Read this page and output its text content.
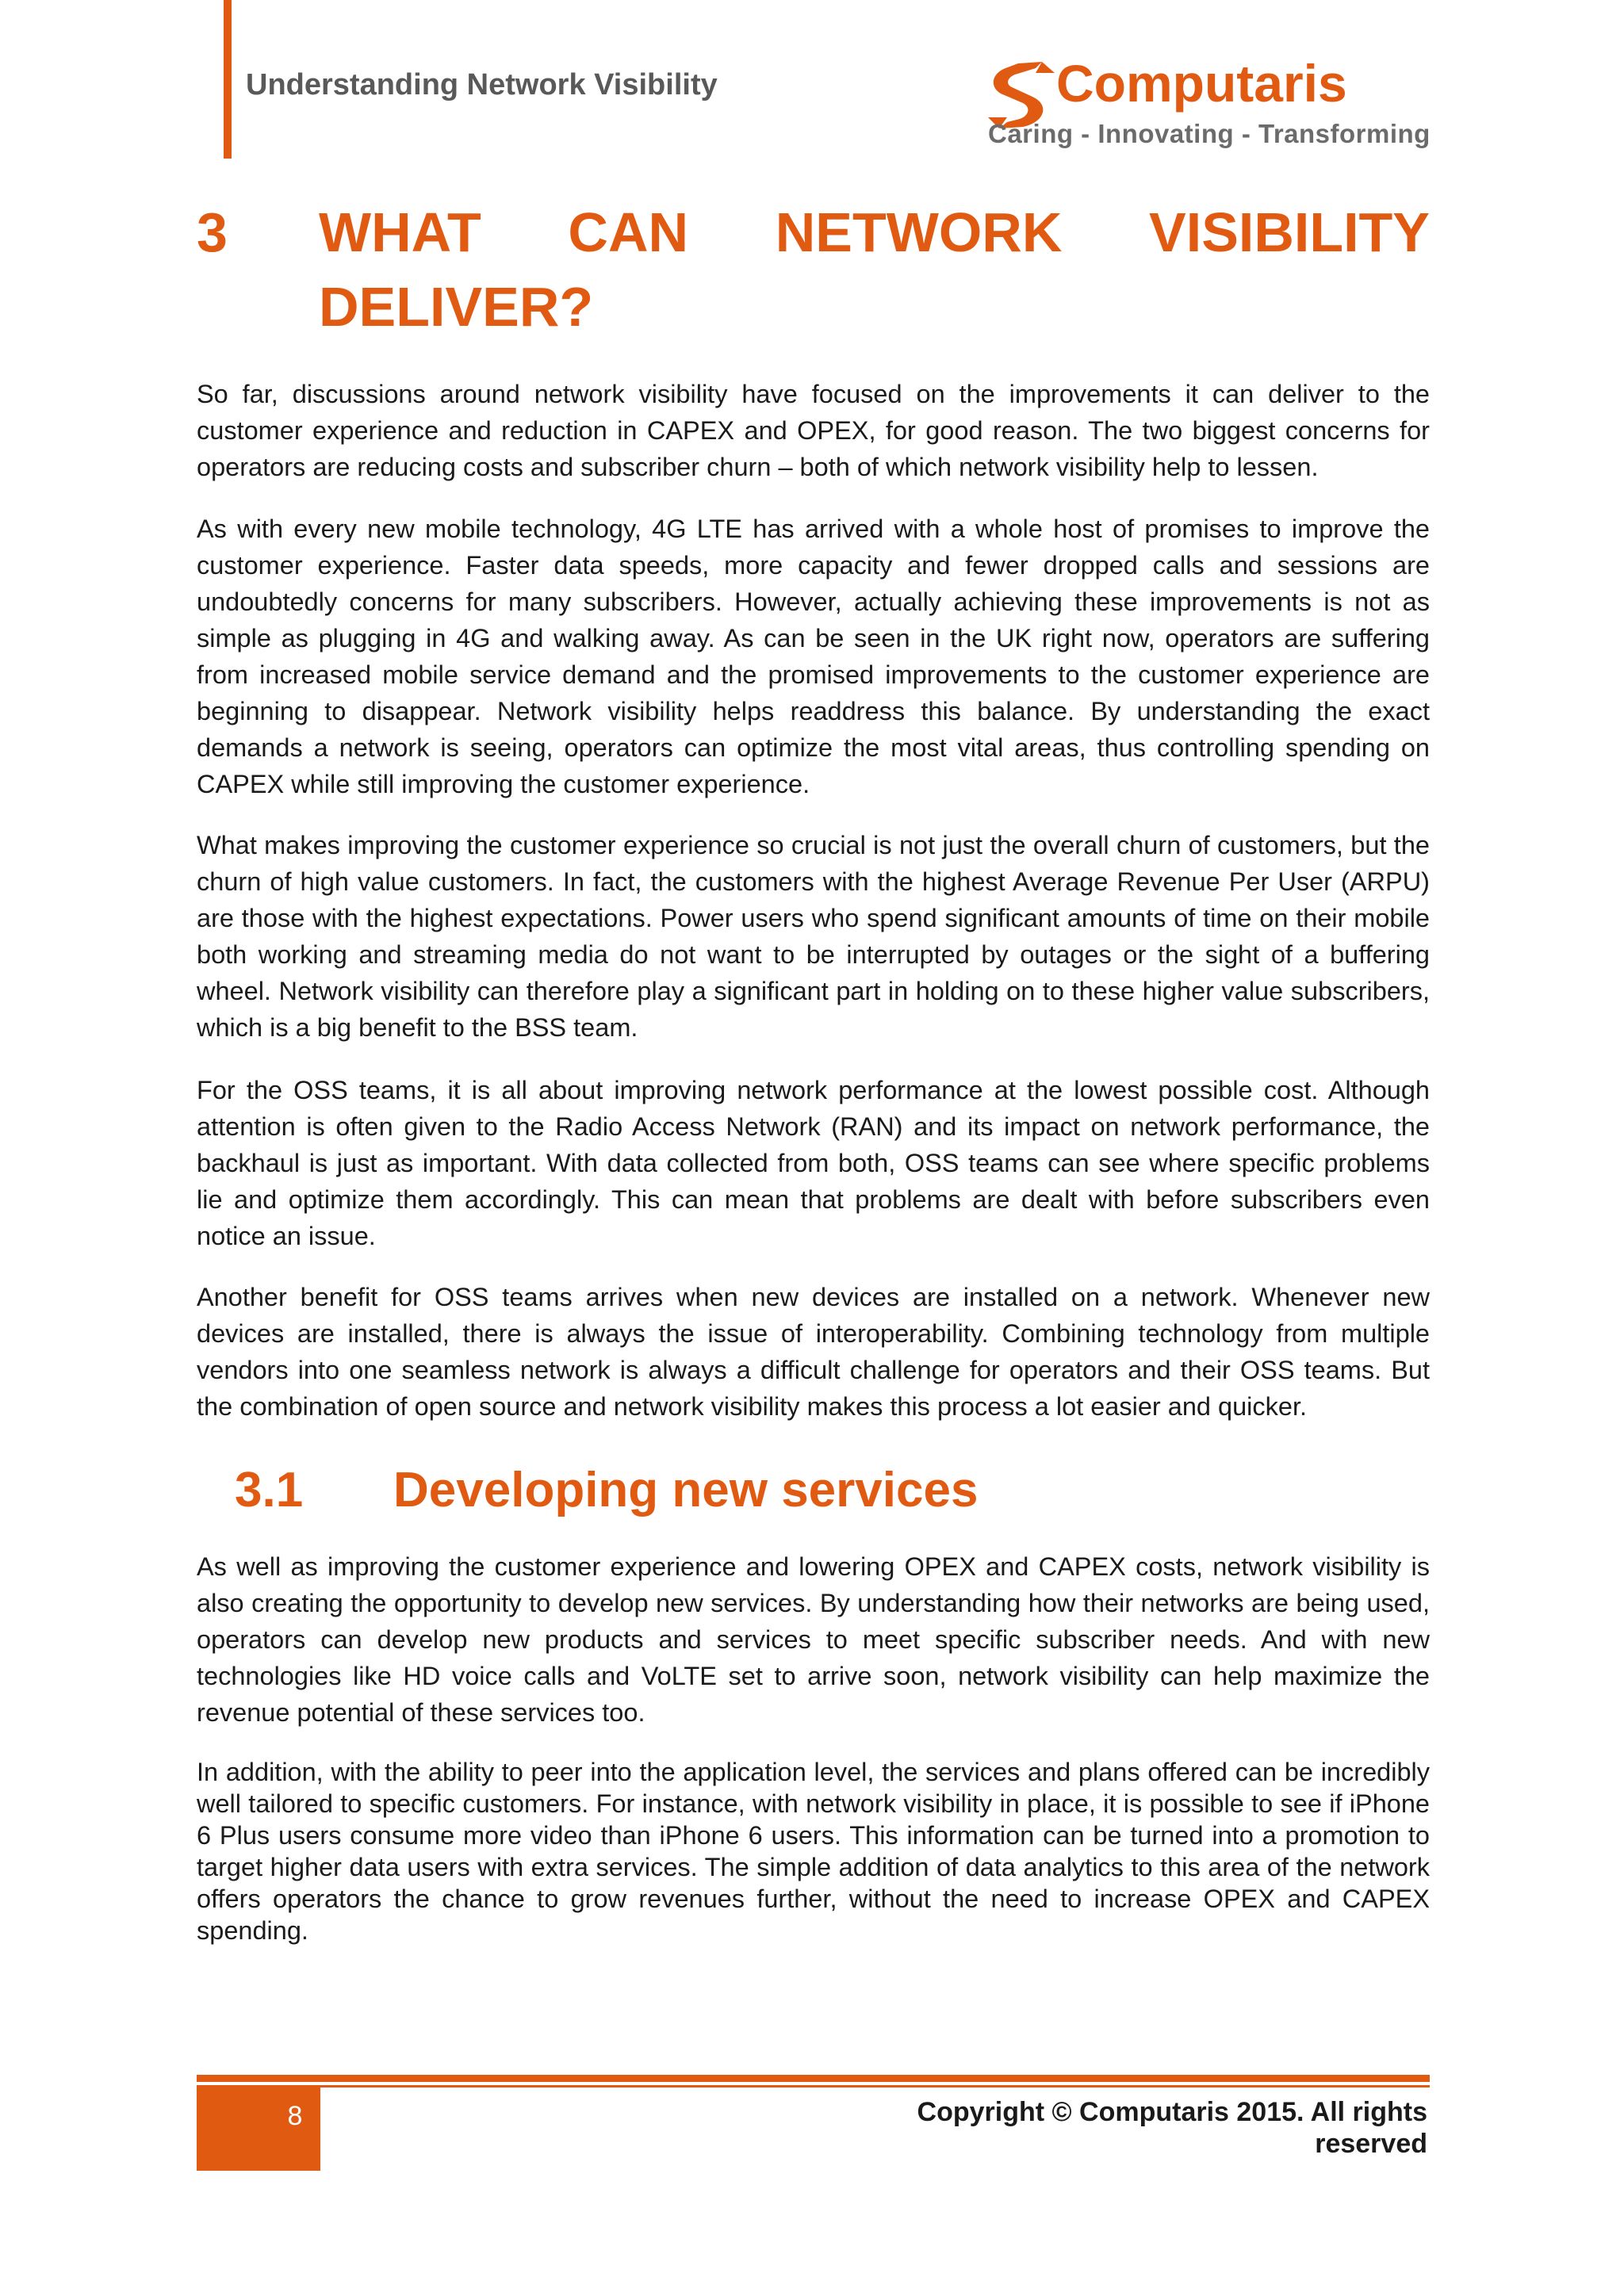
Understanding Network Visibility	Computaris
Caring - Innovating - Transforming
3 WHAT CAN NETWORK VISIBILITY
DELIVER?

So far, discussions around network visibility have focused on the improvements it can deliver to the customer experience and reduction in CAPEX and OPEX, for good reason. The two biggest concerns for operators are reducing costs and subscriber churn – both of which network visibility help to lessen.

As with every new mobile technology, 4G LTE has arrived with a whole host of promises to improve the customer experience. Faster data speeds, more capacity and fewer dropped calls and sessions are undoubtedly concerns for many subscribers. However, actually achieving these improvements is not as simple as plugging in 4G and walking away. As can be seen in the UK right now, operators are suffering from increased mobile service demand and the promised improvements to the customer experience are beginning to disappear. Network visibility helps readdress this balance. By understanding the exact demands a network is seeing, operators can optimize the most vital areas, thus controlling spending on CAPEX while still improving the customer experience.

What makes improving the customer experience so crucial is not just the overall churn of customers, but the churn of high value customers. In fact, the customers with the highest Average Revenue Per User (ARPU) are those with the highest expectations. Power users who spend significant amounts of time on their mobile both working and streaming media do not want to be interrupted by outages or the sight of a buffering wheel. Network visibility can therefore play a significant part in holding on to these higher value subscribers, which is a big benefit to the BSS team.

For the OSS teams, it is all about improving network performance at the lowest possible cost. Although attention is often given to the Radio Access Network (RAN) and its impact on network performance, the backhaul is just as important. With data collected from both, OSS teams can see where specific problems lie and optimize them accordingly. This can mean that problems are dealt with before subscribers even notice an issue.

Another benefit for OSS teams arrives when new devices are installed on a network. Whenever new devices are installed, there is always the issue of interoperability. Combining technology from multiple vendors into one seamless network is always a difficult challenge for operators and their OSS teams. But the combination of open source and network visibility makes this process a lot easier and quicker.

3.1 Developing new services

As well as improving the customer experience and lowering OPEX and CAPEX costs, network visibility is also creating the opportunity to develop new services. By understanding how their networks are being used, operators can develop new products and services to meet specific subscriber needs. And with new technologies like HD voice calls and VoLTE set to arrive soon, network visibility can help maximize the revenue potential of these services too.

In addition, with the ability to peer into the application level, the services and plans offered can be incredibly well tailored to specific customers. For instance, with network visibility in place, it is possible to see if iPhone 6 Plus users consume more video than iPhone 6 users. This information can be turned into a promotion to target higher data users with extra services. The simple addition of data analytics to this area of the network offers operators the chance to grow revenues further, without the need to increase OPEX and CAPEX spending.

8	Copyright © Computaris 2015. All rights
reserved
